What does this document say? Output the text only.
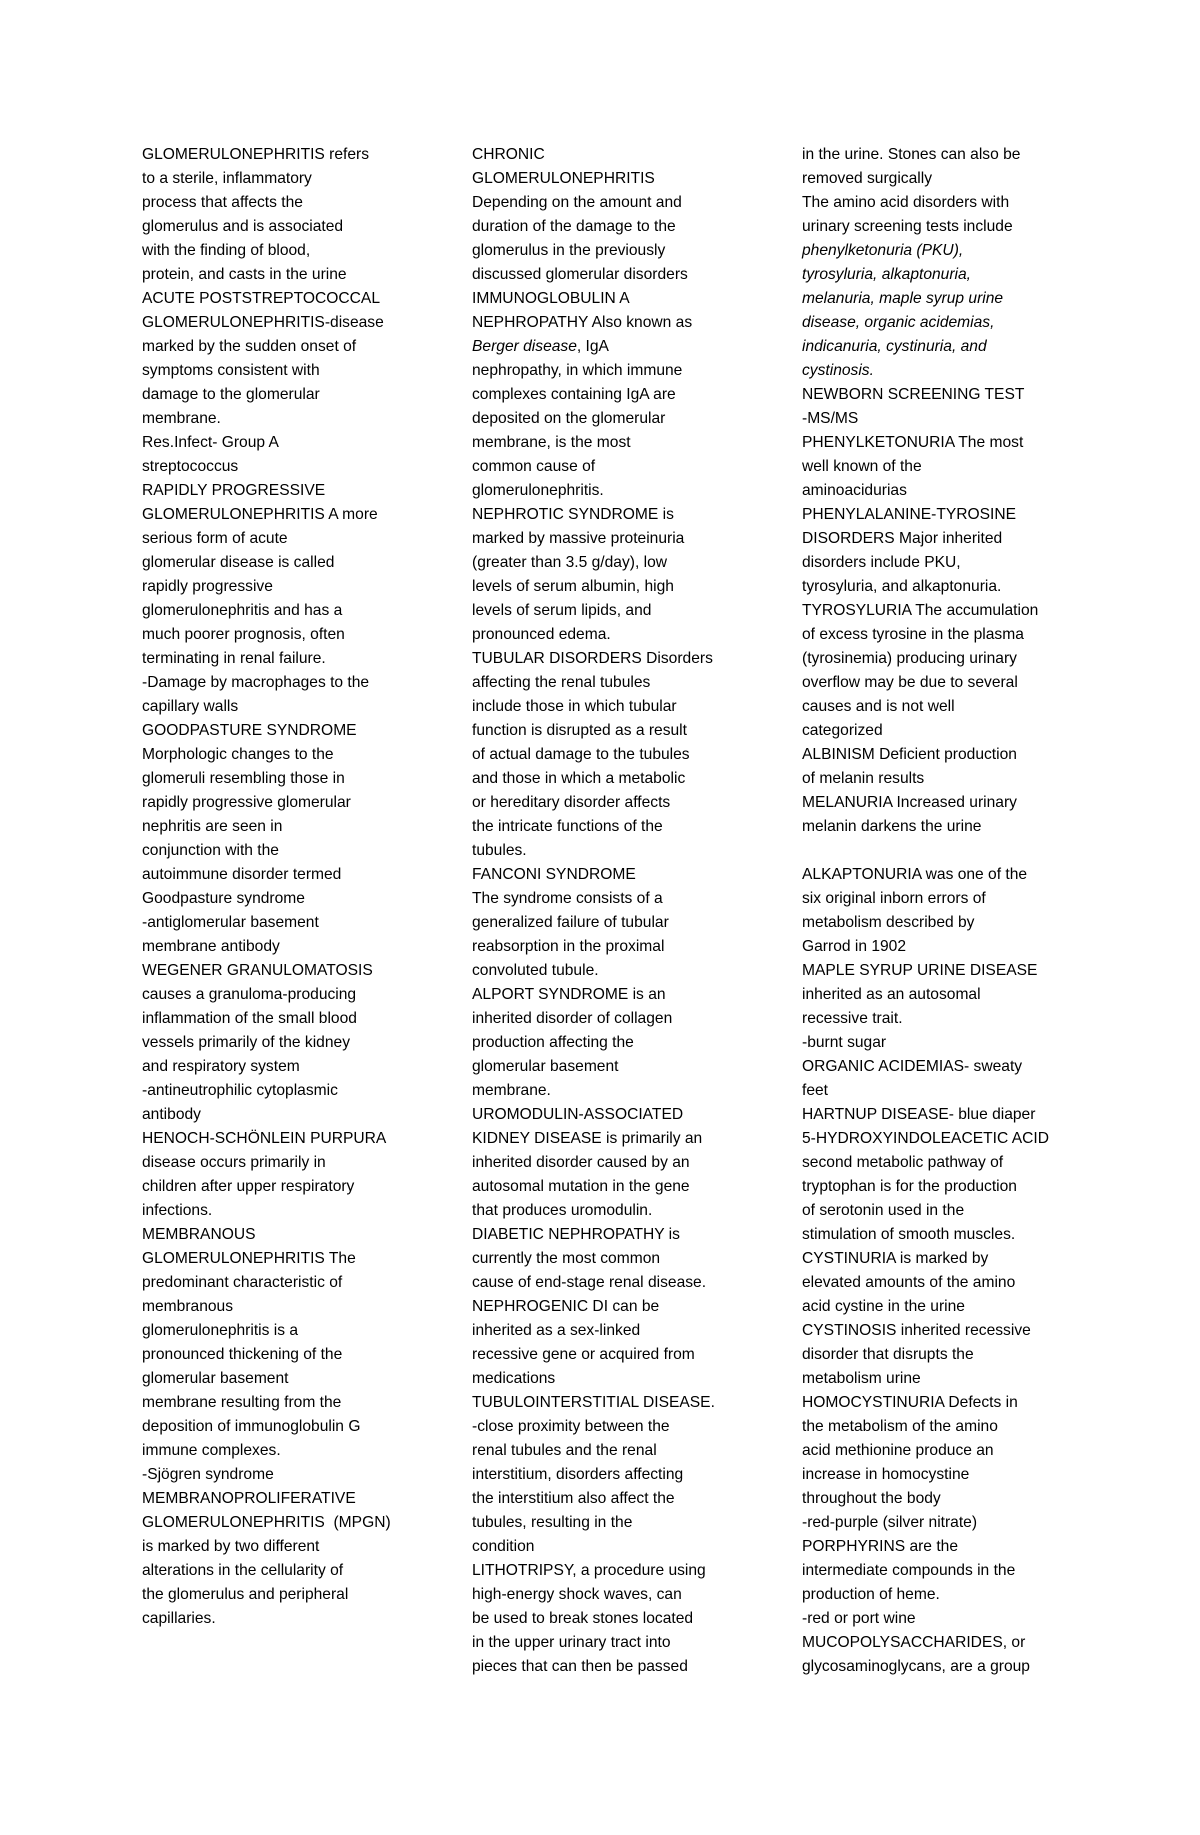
GLOMERULONEPHRITIS refers
to a sterile, inflammatory
process that affects the
glomerulus and is associated
with the finding of blood,
protein, and casts in the urine
ACUTE POSTSTREPTOCOCCAL
GLOMERULONEPHRITIS-disease
marked by the sudden onset of
symptoms consistent with
damage to the glomerular
membrane.
Res.Infect- Group A
streptococcus
RAPIDLY PROGRESSIVE
GLOMERULONEPHRITIS A more
serious form of acute
glomerular disease is called
rapidly progressive
glomerulonephritis and has a
much poorer prognosis, often
terminating in renal failure.
-Damage by macrophages to the
capillary walls
GOODPASTURE SYNDROME
Morphologic changes to the
glomeruli resembling those in
rapidly progressive glomerular
nephritis are seen in
conjunction with the
autoimmune disorder termed
Goodpasture syndrome
-antiglomerular basement
membrane antibody
WEGENER GRANULOMATOSIS
causes a granuloma-producing
inflammation of the small blood
vessels primarily of the kidney
and respiratory system
-antineutrophilic cytoplasmic
antibody
HENOCH-SCHÖNLEIN PURPURA
disease occurs primarily in
children after upper respiratory
infections.
MEMBRANOUS
GLOMERULONEPHRITIS The
predominant characteristic of
membranous
glomerulonephritis is a
pronounced thickening of the
glomerular basement
membrane resulting from the
deposition of immunoglobulin G
immune complexes.
-Sjögren syndrome
MEMBRANOPROLIFERATIVE
GLOMERULONEPHRITIS  (MPGN)
is marked by two different
alterations in the cellularity of
the glomerulus and peripheral
capillaries.
CHRONIC
GLOMERULONEPHRITIS
Depending on the amount and
duration of the damage to the
glomerulus in the previously
discussed glomerular disorders
IMMUNOGLOBULIN A
NEPHROPATHY Also known as
Berger disease, IgA
nephropathy, in which immune
complexes containing IgA are
deposited on the glomerular
membrane, is the most
common cause of
glomerulonephritis.
NEPHROTIC SYNDROME is
marked by massive proteinuria
(greater than 3.5 g/day), low
levels of serum albumin, high
levels of serum lipids, and
pronounced edema.
TUBULAR DISORDERS Disorders
affecting the renal tubules
include those in which tubular
function is disrupted as a result
of actual damage to the tubules
and those in which a metabolic
or hereditary disorder affects
the intricate functions of the
tubules.
FANCONI SYNDROME
The syndrome consists of a
generalized failure of tubular
reabsorption in the proximal
convoluted tubule.
ALPORT SYNDROME is an
inherited disorder of collagen
production affecting the
glomerular basement
membrane.
UROMODULIN-ASSOCIATED
KIDNEY DISEASE is primarily an
inherited disorder caused by an
autosomal mutation in the gene
that produces uromodulin.
DIABETIC NEPHROPATHY is
currently the most common
cause of end-stage renal disease.
NEPHROGENIC DI can be
inherited as a sex-linked
recessive gene or acquired from
medications
TUBULOINTERSTITIAL DISEASE.
-close proximity between the
renal tubules and the renal
interstitium, disorders affecting
the interstitium also affect the
tubules, resulting in the
condition
LITHOTRIPSY, a procedure using
high-energy shock waves, can
be used to break stones located
in the upper urinary tract into
pieces that can then be passed
in the urine. Stones can also be
removed surgically
The amino acid disorders with
urinary screening tests include
phenylketonuria (PKU),
tyrosyluria, alkaptonuria,
melanuria, maple syrup urine
disease, organic acidemias,
indicanuria, cystinuria, and
cystinosis.
NEWBORN SCREENING TEST
-MS/MS
PHENYLKETONURIA The most
well known of the
aminoacidurias
PHENYLALANINE-TYROSINE
DISORDERS Major inherited
disorders include PKU,
tyrosyluria, and alkaptonuria.
TYROSYLURIA The accumulation
of excess tyrosine in the plasma
(tyrosinemia) producing urinary
overflow may be due to several
causes and is not well
categorized
ALBINISM Deficient production
of melanin results
MELANURIA Increased urinary
melanin darkens the urine
ALKAPTONURIA was one of the
six original inborn errors of
metabolism described by
Garrod in 1902
MAPLE SYRUP URINE DISEASE
inherited as an autosomal
recessive trait.
-burnt sugar
ORGANIC ACIDEMIAS- sweaty
feet
HARTNUP DISEASE- blue diaper
5-HYDROXYINDOLEACETIC ACID
second metabolic pathway of
tryptophan is for the production
of serotonin used in the
stimulation of smooth muscles.
CYSTINURIA is marked by
elevated amounts of the amino
acid cystine in the urine
CYSTINOSIS inherited recessive
disorder that disrupts the
metabolism urine
HOMOCYSTINURIA Defects in
the metabolism of the amino
acid methionine produce an
increase in homocystine
throughout the body
-red-purple (silver nitrate)
PORPHYRINS are the
intermediate compounds in the
production of heme.
-red or port wine
MUCOPOLYSACCHARIDES, or
glycosaminoglycans, are a group
